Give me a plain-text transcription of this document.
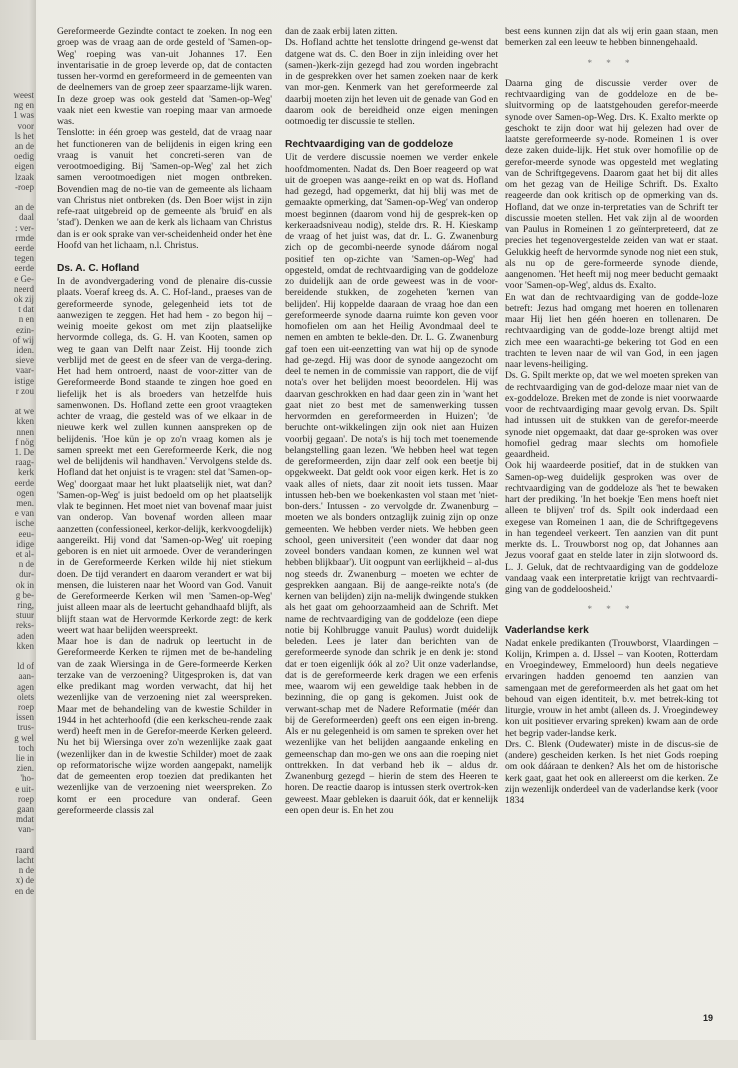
weest
ng en
1 was
voor
ls het
an de
oedig
eigen
lzaak
-roep
an de
daal
: ver-
rmde
eerde
tegen
eerde
e Ge-
neerd
ok zij
t dat
n en
ezin-
of wij
iden.
sieve
vaar-
istige
r zou
at we
kken
nnen
f nög
1. De
raag-
kerk
eerde
ogen
men.
e van
ische
eeu-
idige
et al-
n de
dur-
ok in
g be-
ring,
stuur
reks-
aden
kken
ld of
aan-
agen
olets
roep
issen
trus-
g wel
toch
lie in
zien.
'ho-
e uit-
roep
gaan
mdat
van-
raard
lacht
n de
x) de
en de

Gereformeerde Gezindte contact te zoeken. In nog een groep was de vraag aan de orde gesteld of 'Samen-op-Weg' roeping was van-uit Johannes 17. Een inventarisatie in de groep leverde op, dat de contacten tussen her-vormd en gereformeerd in de gemeenten van de deelnemers van de groep zeer spaarzame-lijk waren. In deze groep was ook gesteld dat 'Samen-op-Weg' vaak niet een kwestie van roeping maar van armoede was.

Tenslotte: in één groep was gesteld, dat de vraag naar het functioneren van de belijdenis in eigen kring een vraag is vanuit het concreti-seren van de verootmoediging. Bij 'Samen-op-Weg' zal het zich samen verootmoedigen niet mogen ontbreken. Bovendien mag de no-tie van de gemeente als lichaam van Christus niet ontbreken (ds. Den Boer wijst in zijn refe-raat uitgebreid op de gemeente als 'bruid' en als 'stad'). Denken we aan de kerk als lichaam van Christus dan is er ook sprake van ver-scheidenheid onder het ène Hoofd van het lichaam, n.l. Christus.

Ds. A. C. Hofland

In de avondvergadering vond de plenaire dis-cussie plaats. Voeraf kreeg ds. A. C. Hof-land., praeses van de gereformeerde synode, gelegenheid iets tot de aanwezigen te zeggen. Het had hem - zo begon hij – weinig moeite gekost om met zijn plaatselijke hervormde collega, ds. G. H. van Kooten, samen op weg te gaan van Delft naar Zeist. Hij toonde zich verblijd met de geest en de sfeer van de verga-dering. Het had hem ontroerd, naast de voor-zitter van de Gereformeerde Bond staande te zingen hoe goed en liefelijk het is als broeders van hetzelfde huis samenwonen. Ds. Hofland zette een groot vraagteken achter de vraag, die gesteld was of we elkaar in de nieuwe kerk wel zullen kunnen aanspreken op de belijdenis. 'Hoe kün je op zo'n vraag komen als je samen spreekt met een Gereformeerde Kerk, die nog wel de belijdenis wil handhaven.' Vervolgens stelde ds. Hofland dat het onjuist is te vragen: stel dat 'Samen-op-Weg' doorgaat maar het lukt plaatselijk niet, wat dan? 'Samen-op-Weg' is juist bedoeld om op het plaatselijk vlak te beginnen. Het moet niet van bovenaf maar juist van onderop. Van bovenaf worden alleen maar aanzetten (confessioneel, kerkor-delijk, kerkvoogdelijk) aangereikt. Hij vond dat 'Samen-op-Weg' uit roeping geboren is en niet uit armoede. Over de veranderingen in de Gereformeerde Kerken wilde hij niet stiekum doen. De tijd verandert en daarom verandert er wat bij mensen, die luisteren naar het Woord van God. Vanuit de Gereformeerde Kerken wil men 'Samen-op-Weg' juist alleen maar als de leertucht gehandhaafd blijft, als blijft staan wat de Hervormde Kerkorde zegt: de kerk weert wat haar belijden weerspreekt.

Maar hoe is dan de nadruk op leertucht in de Gereformeerde Kerken te rijmen met de be-handeling van de zaak Wiersinga in de Gere-formeerde Kerken terzake van de verzoening? Uitgesproken is, dat van elke predikant mag worden verwacht, dat hij het wezenlijke van de verzoening niet zal weerspreken. Maar met de behandeling van de kwestie Schilder in 1944 in het achterhoofd (die een kerkscheu-rende zaak werd) heeft men in de Gerefor-meerde Kerken geleerd. Nu het bij Wiersinga over zo'n wezenlijke zaak gaat (wezenlijker dan in de kwestie Schilder) moet de zaak op reformatorische wijze worden aangepakt, namelijk dat de gemeenten erop toezien dat predikanten het wezenlijke van de verzoening niet weerspreken. Zo komt er een procedure van onderaf. Geen gereformeerde classis zal

dan de zaak erbij laten zitten.

Ds. Hofland achtte het tenslotte dringend ge-wenst dat datgene wat ds. C. den Boer in zijn inleiding over het (samen-)kerk-zijn gezegd had zou worden ingebracht in de gesprekken over het samen zoeken naar de kerk van mor-gen. Kenmerk van het gereformeerde zal daarbij moeten zijn het leven uit de genade van God en daarom ook de bereidheid onze eigen meningen ootmoedig ter discussie te stellen.

Rechtvaardiging van de goddeloze

Uit de verdere discussie noemen we verder enkele hoofdmomenten. Nadat ds. Den Boer reageerd op wat uit de groepen was aange-reikt en op wat ds. Hofland had gezegd, had opgemerkt, dat hij blij was met de gemaakte opmerking, dat 'Samen-op-Weg' van onderop moest beginnen (daarom vond hij de gesprek-ken op kerkeraadsniveau nodig), stelde drs. R. H. Kieskamp de vraag of het juist was, dat dr. L. G. Zwanenburg zich op de gecombi-neerde synode dáárom nogal positief ten op-zichte van 'Samen-op-Weg' had opgesteld, omdat de rechtvaardiging van de goddeloze zo duidelijk aan de orde geweest was in de voor-bereidende stukken, de zogeheten 'kernen van belijden'. Hij koppelde daaraan de vraag hoe dan een gereformeerde synode daarna ruimte kon geven voor homofielen om aan het Heilig Avondmaal deel te nemen en ambten te bekle-den. Dr. L. G. Zwanenburg gaf toen een uit-eenzetting van wat hij op de synode had ge-zegd. Hij was door de synode aangezocht om deel te nemen in de commissie van rapport, die de vijf nota's over het belijden moest beoordelen. Hij was daarvan geschrokken en had daar geen zin in 'want het gaat niet zo best met de samenwerking tussen hervormden en gereformeerden in Huizen'; 'de beruchte ont-wikkelingen zijn ook niet aan Huizen voorbij gegaan'. De nota's is hij toch met toenemende belangstelling gaan lezen. 'We hebben heel wat tegen de gereformeerden, zijn daar zelf ook een beetje bij opgekweekt. Dat geldt ook voor eigen kerk. Het is zo vaak alles of niets, daar zit nooit iets tussen. Maar intussen heb-ben we boekenkasten vol staan met 'niet-bon-ders.' Intussen - zo vervolgde dr. Zwanenburg – moeten we als bonders ontzaglijk zuinig zijn op onze gemeenten. We hebben verder niets. We hebben geen school, geen universiteit ('een wonder dat daar nog zoveel bonders vandaan komen, ze kunnen wel wat hebben blijkbaar'). Uit oogpunt van eerlijkheid – al-dus nog steeds dr. Zwanenburg – moeten we echter de gesprekken aangaan. Bij de aange-reikte nota's (de kernen van belijden) zijn na-melijk dwingende stukken als het gaat om gehoorzaamheid aan de Schrift. Met name de rechtvaardiging van de goddeloze (een diepe notie bij Kohlbrugge vanuit Paulus) wordt duidelijk beleden. Lees je later dan berichten van de gereformeerde synode dan schrik je en denk je: stond dat er toen eigenlijk óók al zo? Uit onze vaderlandse, dat is de gereformeerde kerk dragen we een erfenis mee, waarom wij een geweldige taak hebben in de bezinning, die op gang is gekomen. Juist ook de verwant-schap met de Nadere Reformatie (méér dan bij de Gereformeerden) geeft ons een eigen in-breng. Als er nu gelegenheid is om samen te spreken over het wezenlijke van het belijden aangaande enkeling en gemeenschap dan mo-gen we ons aan die roeping niet onttrekken. In dat verband heb ik – aldus dr. Zwanenburg gezegd – hierin de stem des Heeren te horen. De reactie daarop is intussen sterk overtrok-ken geweest. Maar gebleken is daaruit óók, dat er kennelijk een open deur is. En het zou

best eens kunnen zijn dat als wij erin gaan staan, men bemerken zal een leeuw te hebben binnengehaald.

* * *

Daarna ging de discussie verder over de rechtvaardiging van de goddeloze en de be-sluitvorming op de laatstgehouden gerefor-meerde synode over Samen-op-Weg. Drs. K. Exalto merkte op geschokt te zijn door wat hij gelezen had over de laatste gereformeerde sy-node. Romeinen 1 is over deze zaken duide-lijk. Het stuk over homofilie op de gerefor-meerde synode was opgesteld met weglating van de Schriftgegevens. Daarom gaat het bij dit alles om het gezag van de Heilige Schrift. Ds. Exalto reageerde dan ook kritisch op de opmerking van ds. Hofland, dat we onze in-terpretaties van de Schrift ter discussie moeten stellen. Het vak zijn al de woorden van Paulus in Romeinen 1 zo geïnterpreteerd, dat ze precies het tegenovergestelde zeiden van wat er staat. Gelukkig heeft de hervormde synode nog niet een stuk, als nu op de gere-formeerde synode diende, aangenomen. 'Het heeft mij nog meer beducht gemaakt voor 'Samen-op-Weg', aldus ds. Exalto.

En wat dan de rechtvaardiging van de godde-loze betreft: Jezus had omgang met hoeren en tollenaren maar Hij liet hen géén hoeren en tollenaren. De rechtvaardiging van de godde-loze brengt altijd met zich mee een waarachti-ge bekering tot God en een trachten te leven naar de wil van God, in een jagen naar levens-heiliging.

Ds. G. Spilt merkte op, dat we wel moeten spreken van de rechtvaardiging van de god-deloze maar niet van de ex-goddeloze. Breken met de zonde is niet voorwaarde voor de rechtvaardiging maar gevolg ervan. Ds. Spilt had intussen uit de stukken van de gerefor-meerde synode niet opgemaakt, dat daar ge-sproken was over homofiel gedrag maar slechts om homofiele geaardheid.

Ook hij waardeerde positief, dat in de stukken van Samen-op-weg duidelijk gesproken was over de rechtvaardiging van de goddeloze als 'het te bewaken hart der prediking. 'In het boekje 'Een mens hoeft niet alleen te blijven' trof ds. Spilt ook inderdaad een exegese van Romeinen 1 aan, die de Schriftgegevens in han tegendeel verkeert. Ten aanzien van dit punt merkte ds. L. Trouwborst nog op, dat Johannes aan Jezus vooraf gaat en stelde later in zijn slotwoord ds. L. J. Geluk, dat de rechtvaardiging van de goddeloze vandaag vaak een interpretatie krijgt van rechtvaardi-ging van de goddeloosheid.'

* * *
Vaderlandse kerk

Nadat enkele predikanten (Trouwborst, Vlaardingen – Kolijn, Krimpen a. d. IJssel – van Kooten, Rotterdam en Vroegindewey, Emmeloord) hun deels negatieve ervaringen hadden genoemd ten aanzien van samengaan met de gereformeerden als het gaat om het behoud van eigen identiteit, b.v. met betrek-king tot liturgie, vrouw in het ambt (alleen ds. J. Vroegindewey kon uit positiever ervaring spreken) kwam aan de orde het begrip vader-landse kerk.

Drs. C. Blenk (Oudewater) miste in de discus-sie de (andere) gescheiden kerken. Is het niet Gods roeping om ook dááraan te denken? Als het om de historische kerk gaat, gaat het ook en allereerst om die kerken. Ze zijn wezenlijk onderdeel van de vaderlandse kerk (voor 1834

19
